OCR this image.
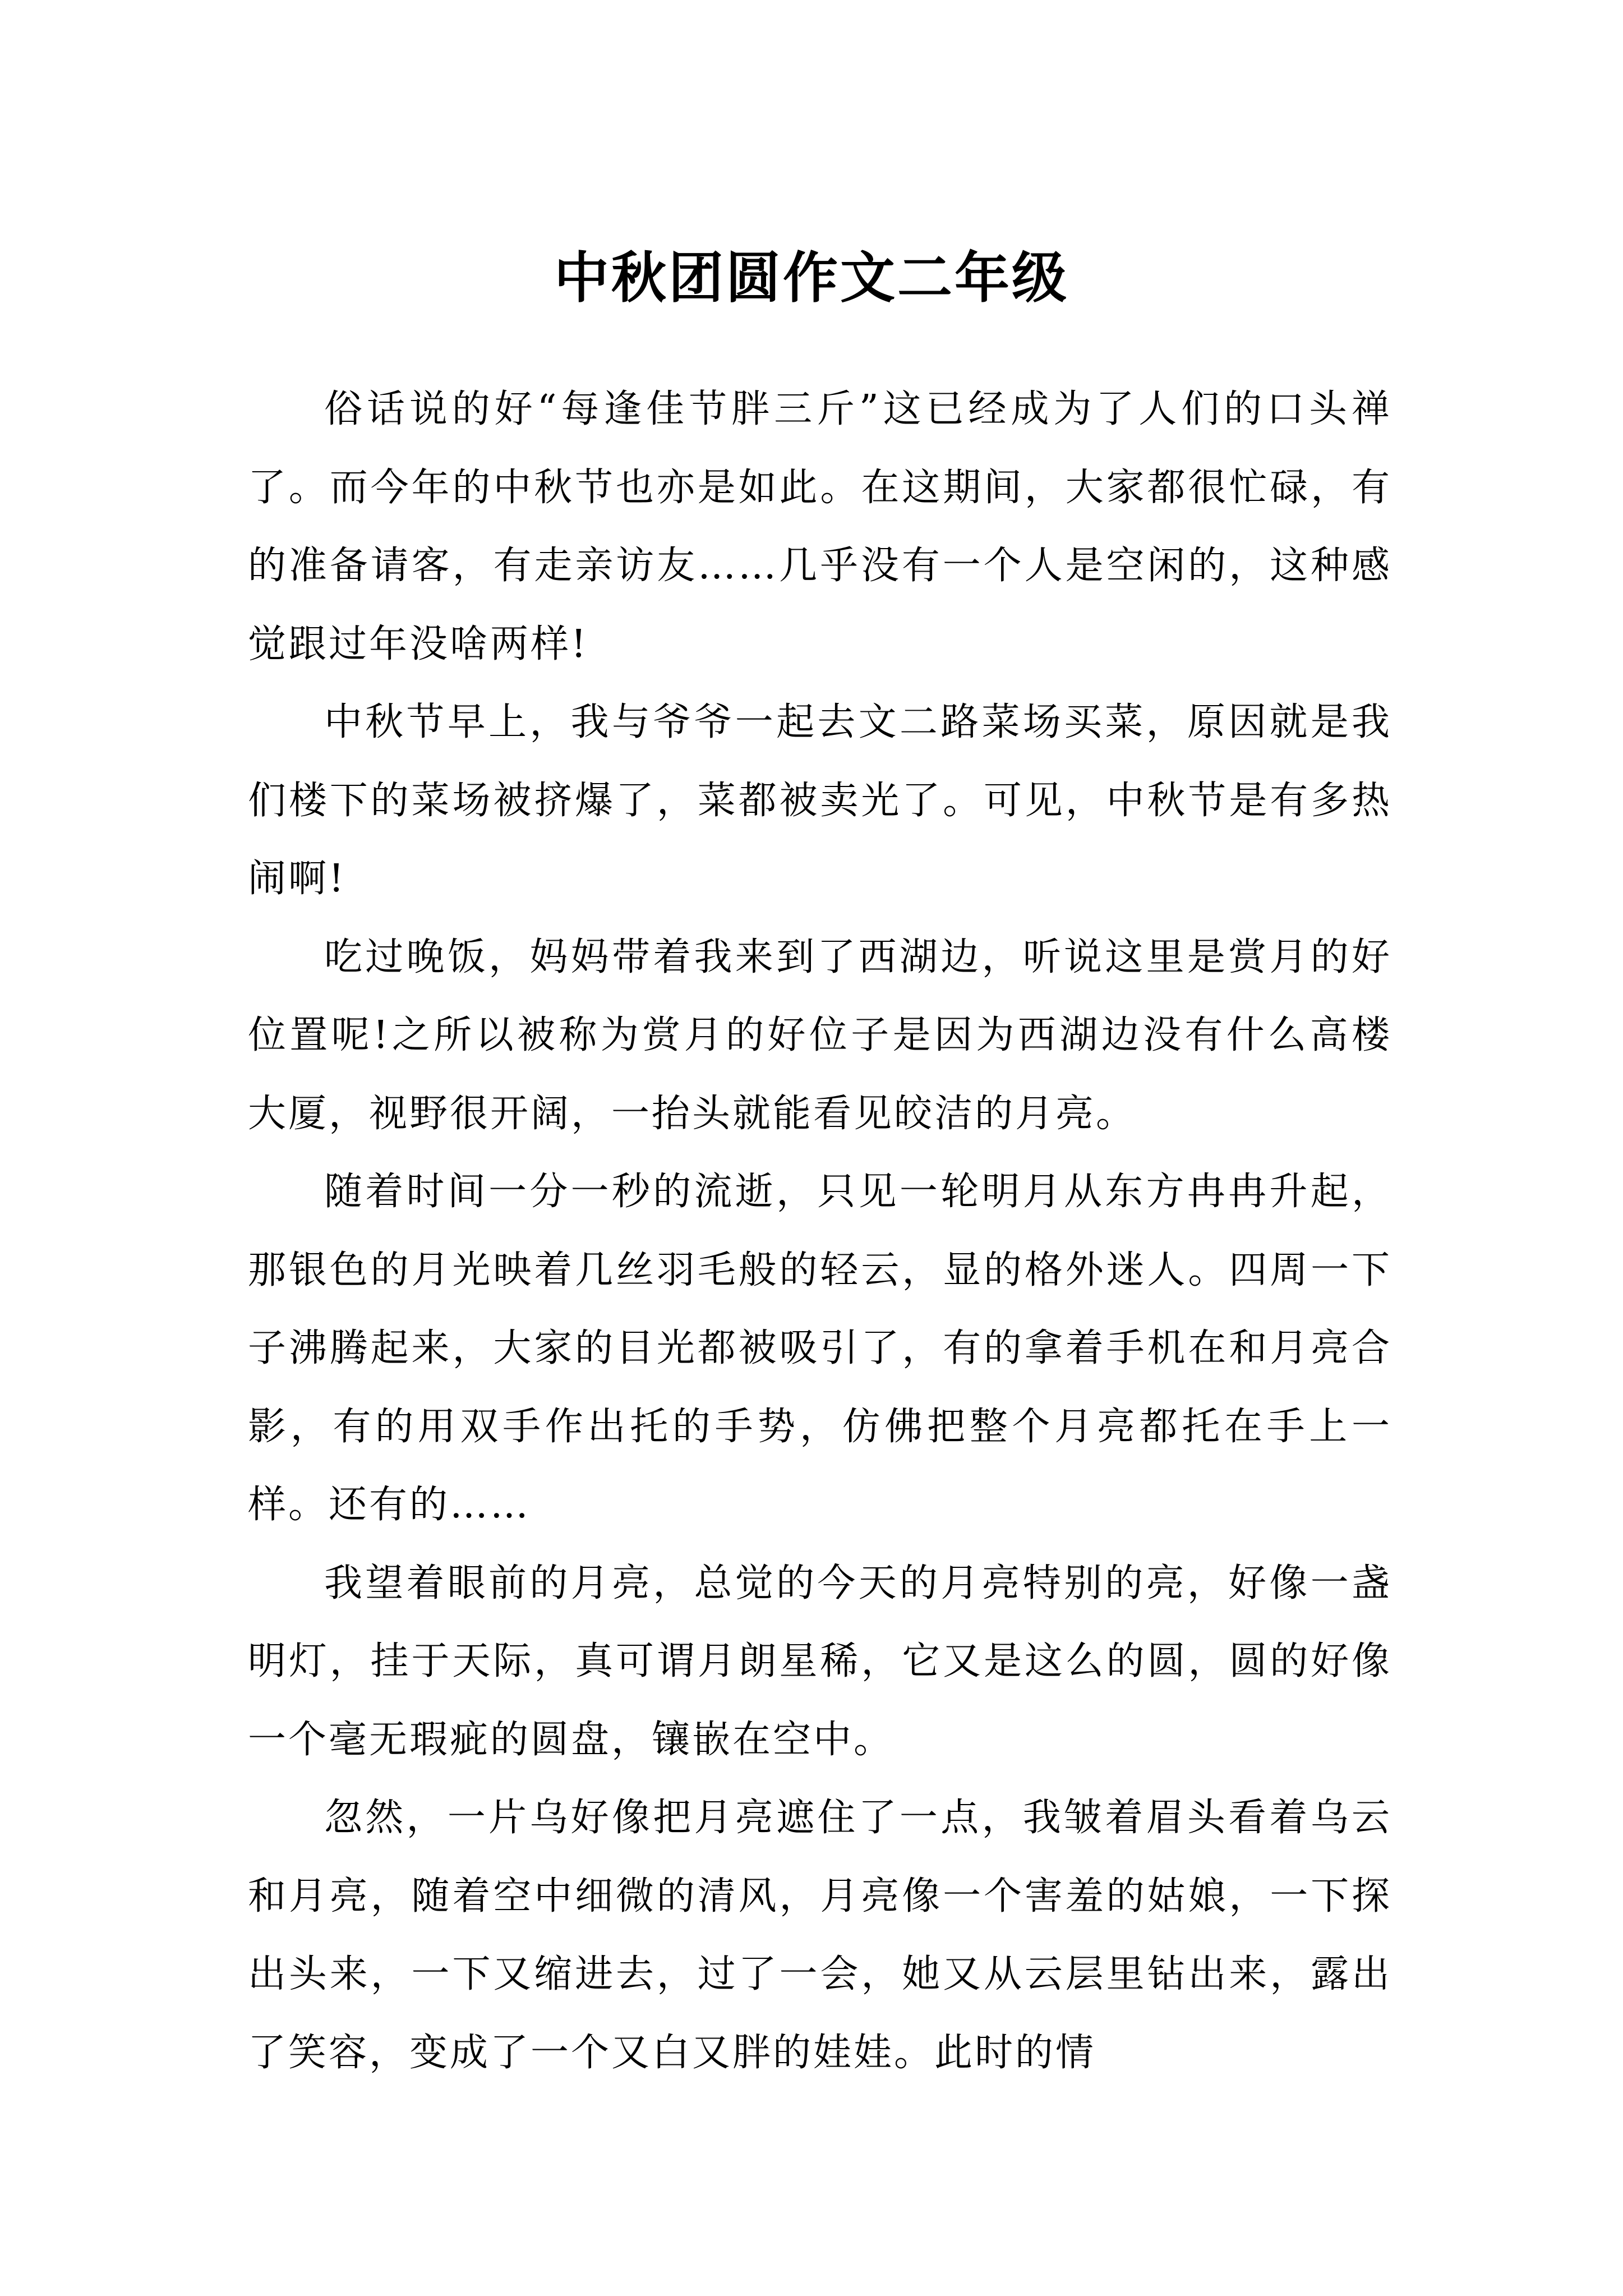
中秋团圆作文二年级

俗话说的好“每逢佳节胖三斤”这已经成为了人们的口头禅了。而今年的中秋节也亦是如此。在这期间，大家都很忙碌，有的准备请客，有走亲访友……几乎没有一个人是空闲的，这种感觉跟过年没啥两样!

中秋节早上，我与爷爷一起去文二路菜场买菜，原因就是我们楼下的菜场被挤爆了，菜都被卖光了。可见，中秋节是有多热闹啊!

吃过晚饭，妈妈带着我来到了西湖边，听说这里是赏月的好位置呢!之所以被称为赏月的好位子是因为西湖边没有什么高楼大厦，视野很开阔，一抬头就能看见皎洁的月亮。

随着时间一分一秒的流逝，只见一轮明月从东方冉冉升起，那银色的月光映着几丝羽毛般的轻云，显的格外迷人。四周一下子沸腾起来，大家的目光都被吸引了，有的拿着手机在和月亮合影，有的用双手作出托的手势，仿佛把整个月亮都托在手上一样。还有的……

我望着眼前的月亮，总觉的今天的月亮特别的亮，好像一盏明灯，挂于天际，真可谓月朗星稀，它又是这么的圆，圆的好像一个毫无瑕疵的圆盘，镶嵌在空中。

忽然，一片乌好像把月亮遮住了一点，我皱着眉头看着乌云和月亮，随着空中细微的清风，月亮像一个害羞的姑娘，一下探出头来，一下又缩进去，过了一会，她又从云层里钻出来，露出了笑容，变成了一个又白又胖的娃娃。此时的情
